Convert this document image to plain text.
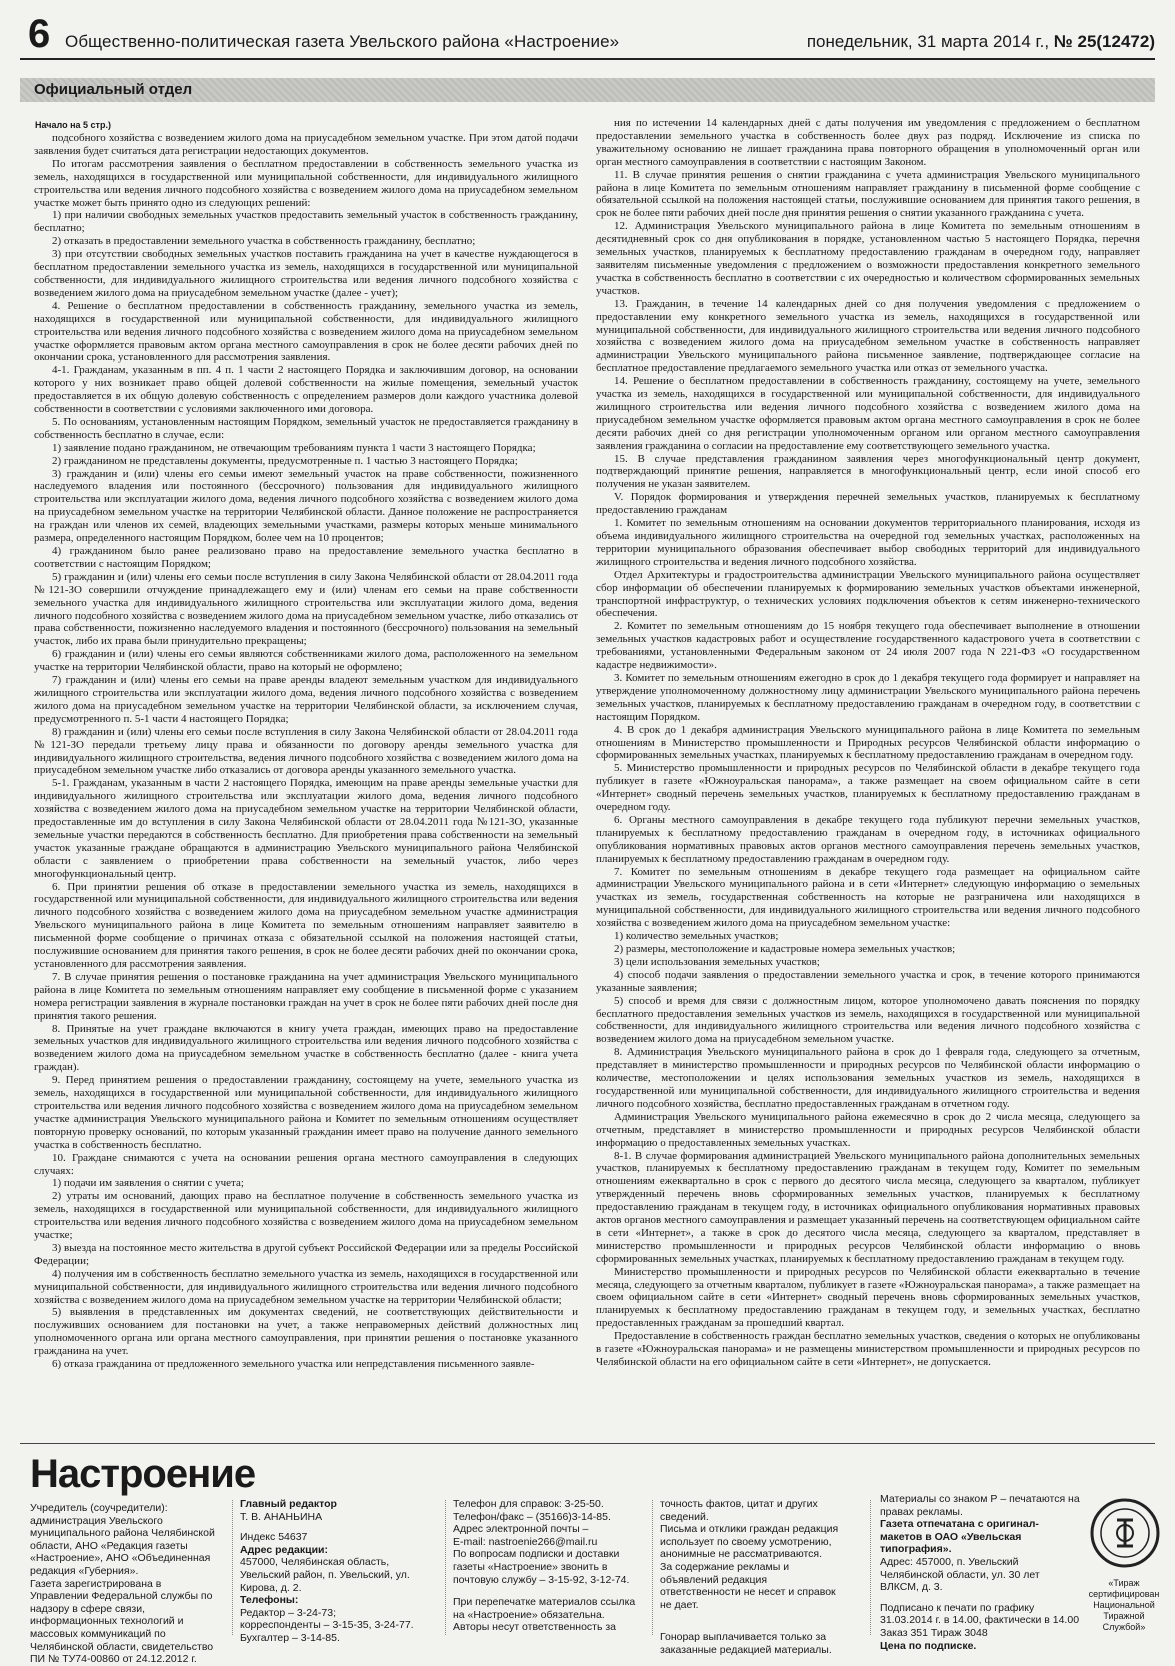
6 Общественно-политическая газета Увельского района «Настроение»	понедельник, 31 марта 2014 г., № 25(12472)
Официальный отдел
Начало на 5 стр.)

подсобного хозяйства с возведением жилого дома на приусадебном земельном участке. При этом датой подачи заявления будет считаться дата регистрации недостающих документов.

По итогам рассмотрения заявления о бесплатном предоставлении в собственность земельного участка из земель, находящихся в государственной или муниципальной собственности, для индивидуального жилищного строительства или ведения личного подсобного хозяйства с возведением жилого дома на приусадебном земельном участке может быть принято одно из следующих решений:

1) при наличии свободных земельных участков предоставить земельный участок в собственность гражданину, бесплатно;

2) отказать в предоставлении земельного участка в собственность гражданину, бесплатно;

3) при отсутствии свободных земельных участков поставить гражданина на учет в качестве нуждающегося в бесплатном предоставлении земельного участка из земель, находящихся в государственной или муниципальной собственности, для индивидуального жилищного строительства или ведения личного подсобного хозяйства с возведением жилого дома на приусадебном земельном участке (далее - учет);

4. Решение о бесплатном предоставлении в собственность гражданину, земельного участка из земель, находящихся в государственной или муниципальной собственности, для индивидуального жилищного строительства или ведения личного подсобного хозяйства с возведением жилого дома на приусадебном земельном участке оформляется правовым актом органа местного самоуправления в срок не более десяти рабочих дней по окончании срока, установленного для рассмотрения заявления.

4-1. Гражданам, указанным в пп. 4 п. 1 части 2 настоящего Порядка и заключившим договор, на основании которого у них возникает право общей долевой собственности на жилые помещения, земельный участок предоставляется в их общую долевую собственность с определением размеров доли каждого участника долевой собственности в соответствии с условиями заключенного ими договора.

5. По основаниям, установленным настоящим Порядком, земельный участок не предоставляется гражданину в собственность бесплатно в случае, если:

1) заявление подано гражданином, не отвечающим требованиям пункта 1 части 3 настоящего Порядка;

2) гражданином не представлены документы, предусмотренные п. 1 частью 3 настоящего Порядка;

3) гражданин и (или) члены его семьи имеют земельный участок на праве собственности, пожизненного наследуемого владения или постоянного (бессрочного) пользования для индивидуального жилищного строительства или эксплуатации жилого дома, ведения личного подсобного хозяйства с возведением жилого дома на приусадебном земельном участке на территории Челябинской области. Данное положение не распространяется на граждан или членов их семей, владеющих земельными участками, размеры которых меньше минимального размера, определенного настоящим Порядком, более чем на 10 процентов;

4) гражданином было ранее реализовано право на предоставление земельного участка бесплатно в соответствии с настоящим Порядком;

5) гражданин и (или) члены его семьи после вступления в силу Закона Челябинской области от 28.04.2011 года №121-ЗО совершили отчуждение принадлежащего ему и (или) членам его семьи на праве собственности земельного участка для индивидуального жилищного строительства или эксплуатации жилого дома, ведения личного подсобного хозяйства с возведением жилого дома на приусадебном земельном участке, либо отказались от права собственности, пожизненно наследуемого владения и постоянного (бессрочного) пользования на земельный участок, либо их права были принудительно прекращены;

6) гражданин и (или) члены его семьи являются собственниками жилого дома, расположенного на земельном участке на территории Челябинской области, право на который не оформлено;

7) гражданин и (или) члены его семьи на праве аренды владеют земельным участком для индивидуального жилищного строительства или эксплуатации жилого дома, ведения личного подсобного хозяйства с возведением жилого дома на приусадебном земельном участке на территории Челябинской области, за исключением случая, предусмотренного п. 5-1 части 4 настоящего Порядка;

8) гражданин и (или) члены его семьи после вступления в силу Закона Челябинской области от 28.04.2011 года №121-ЗО передали третьему лицу права и обязанности по договору аренды земельного участка для индивидуального жилищного строительства, ведения личного подсобного хозяйства с возведением жилого дома на приусадебном земельном участке либо отказались от договора аренды указанного земельного участка.

5-1. Гражданам, указанным в части 2 настоящего Порядка, имеющим на праве аренды земельные участки для индивидуального жилищного строительства или эксплуатации жилого дома, ведения личного подсобного хозяйства с возведением жилого дома на приусадебном земельном участке на территории Челябинской области, предоставленные им до вступления в силу Закона Челябинской области от 28.04.2011 года №121-ЗО, указанные земельные участки передаются в собственность бесплатно. Для приобретения права собственности на земельный участок указанные граждане обращаются в администрацию Увельского муниципального района Челябинской области с заявлением о приобретении права собственности на земельный участок, либо через многофункциональный центр.

6. При принятии решения об отказе в предоставлении земельного участка из земель, находящихся в государственной или муниципальной собственности, для индивидуального жилищного строительства или ведения личного подсобного хозяйства с возведением жилого дома на приусадебном земельном участке администрация Увельского муниципального района в лице Комитета по земельным отношениям направляет заявителю в письменной форме сообщение о причинах отказа с обязательной ссылкой на положения настоящей статьи, послужившие основанием для принятия такого решения, в срок не более десяти рабочих дней по окончании срока, установленного для рассмотрения заявления.

7. В случае принятия решения о постановке гражданина на учет администрация Увельского муниципального района в лице Комитета по земельным отношениям направляет ему сообщение в письменной форме с указанием номера регистрации заявления в журнале постановки граждан на учет в срок не более пяти рабочих дней после дня принятия такого решения.

8. Принятые на учет граждане включаются в книгу учета граждан, имеющих право на предоставление земельных участков для индивидуального жилищного строительства или ведения личного подсобного хозяйства с возведением жилого дома на приусадебном земельном участке в собственность бесплатно (далее - книга учета граждан).

9. Перед принятием решения о предоставлении гражданину, состоящему на учете, земельного участка из земель, находящихся в государственной или муниципальной собственности, для индивидуального жилищного строительства или ведения личного подсобного хозяйства с возведением жилого дома на приусадебном земельном участке администрация Увельского муниципального района и Комитет по земельным отношениям осуществляет повторную проверку оснований, по которым указанный гражданин имеет право на получение данного земельного участка в собственность бесплатно.

10. Граждане снимаются с учета на основании решения органа местного самоуправления в следующих случаях:

1) подачи им заявления о снятии с учета;

2) утраты им оснований, дающих право на бесплатное получение в собственность земельного участка из земель, находящихся в государственной или муниципальной собственности, для индивидуального жилищного строительства или ведения личного подсобного хозяйства с возведением жилого дома на приусадебном земельном участке;

3) выезда на постоянное место жительства в другой субъект Российской Федерации или за пределы Российской Федерации;

4) получения им в собственность бесплатно земельного участка из земель, находящихся в государственной или муниципальной собственности, для индивидуального жилищного строительства или ведения личного подсобного хозяйства с возведением жилого дома на приусадебном земельном участке на территории Челябинской области;

5) выявления в представленных им документах сведений, не соответствующих действительности и послуживших основанием для постановки на учет, а также неправомерных действий должностных лиц уполномоченного органа или органа местного самоуправления, при принятии решения о постановке указанного гражданина на учет.

6) отказа гражданина от предложенного земельного участка или непредставления письменного заявле-

ния по истечении 14 календарных дней с даты получения им уведомления с предложением о бесплатном предоставлении земельного участка в собственность более двух раз подряд. Исключение из списка по уважительному основанию не лишает гражданина права повторного обращения в уполномоченный орган или орган местного самоуправления в соответствии с настоящим Законом.

11. В случае принятия решения о снятии гражданина с учета администрация Увельского муниципального района в лице Комитета по земельным отношениям направляет гражданину в письменной форме сообщение с обязательной ссылкой на положения настоящей статьи, послужившие основанием для принятия такого решения, в срок не более пяти рабочих дней после дня принятия решения о снятии указанного гражданина с учета.

12. Администрация Увельского муниципального района в лице Комитета по земельным отношениям в десятидневный срок со дня опубликования в порядке, установленном частью 5 настоящего Порядка, перечня земельных участков, планируемых к бесплатному предоставлению гражданам в очередном году, направляет заявителям письменные уведомления с предложением о возможности предоставления конкретного земельного участка в собственность бесплатно в соответствии с их очередностью и количеством сформированных земельных участков.

13. Гражданин, в течение 14 календарных дней со дня получения уведомления с предложением о предоставлении ему конкретного земельного участка из земель, находящихся в государственной или муниципальной собственности, для индивидуального жилищного строительства или ведения личного подсобного хозяйства с возведением жилого дома на приусадебном земельном участке в собственность направляет администрации Увельского муниципального района письменное заявление, подтверждающее согласие на бесплатное предоставление предлагаемого земельного участка или отказ от земельного участка.

14. Решение о бесплатном предоставлении в собственность гражданину, состоящему на учете, земельного участка из земель, находящихся в государственной или муниципальной собственности, для индивидуального жилищного строительства или ведения личного подсобного хозяйства с возведением жилого дома на приусадебном земельном участке оформляется правовым актом органа местного самоуправления в срок не более десяти рабочих дней со дня регистрации уполномоченным органом или органом местного самоуправления заявления гражданина о согласии на предоставление ему соответствующего земельного участка.

15. В случае представления гражданином заявления через многофункциональный центр документ, подтверждающий принятие решения, направляется в многофункциональный центр, если иной способ его получения не указан заявителем.

V. Порядок формирования и утверждения перечней земельных участков, планируемых к бесплатному предоставлению гражданам

1. Комитет по земельным отношениям на основании документов территориального планирования, исходя из объема индивидуального жилищного строительства на очередной год земельных участках, расположенных на территории муниципального образования обеспечивает выбор свободных территорий для индивидуального жилищного строительства и ведения личного подсобного хозяйства.

Отдел Архитектуры и градостроительства администрации Увельского муниципального района осуществляет сбор информации об обеспечении планируемых к формированию земельных участков объектами инженерной, транспортной инфраструктур, о технических условиях подключения объектов к сетям инженерно-технического обеспечения.

2. Комитет по земельным отношениям до 15 ноября текущего года обеспечивает выполнение в отношении земельных участков кадастровых работ и осуществление государственного кадастрового учета в соответствии с требованиями, установленными Федеральным законом от 24 июля 2007 года N 221-ФЗ «О государственном кадастре недвижимости».

3. Комитет по земельным отношениям ежегодно в срок до 1 декабря текущего года формирует и направляет на утверждение уполномоченному должностному лицу администрации Увельского муниципального района перечень земельных участков, планируемых к бесплатному предоставлению гражданам в очередном году, в соответствии с настоящим Порядком.

4. В срок до 1 декабря администрация Увельского муниципального района в лице Комитета по земельным отношениям в Министерство промышленности и Природных ресурсов Челябинской области информацию о сформированных земельных участках, планируемых к бесплатному предоставлению гражданам в очередном году.

5. Министерство промышленности и природных ресурсов по Челябинской области в декабре текущего года публикует в газете «Южноуральская панорама», а также размещает на своем официальном сайте в сети «Интернет» сводный перечень земельных участков, планируемых к бесплатному предоставлению гражданам в очередном году.

6. Органы местного самоуправления в декабре текущего года публикуют перечни земельных участков, планируемых к бесплатному предоставлению гражданам в очередном году, в источниках официального опубликования нормативных правовых актов органов местного самоуправления перечень земельных участков, планируемых к бесплатному предоставлению гражданам в очередном году.

7. Комитет по земельным отношениям в декабре текущего года размещает на официальном сайте администрации Увельского муниципального района и в сети «Интернет» следующую информацию о земельных участках из земель, государственная собственность на которые не разграничена или находящихся в муниципальной собственности, для индивидуального жилищного строительства или ведения личного подсобного хозяйства с возведением жилого дома на приусадебном земельном участке:

1) количество земельных участков;

2) размеры, местоположение и кадастровые номера земельных участков;

3) цели использования земельных участков;

4) способ подачи заявления о предоставлении земельного участка и срок, в течение которого принимаются указанные заявления;

5) способ и время для связи с должностным лицом, которое уполномочено давать пояснения по порядку бесплатного предоставления земельных участков из земель, находящихся в государственной или муниципальной собственности, для индивидуального жилищного строительства или ведения личного подсобного хозяйства с возведением жилого дома на приусадебном земельном участке.

8. Администрация Увельского муниципального района в срок до 1 февраля года, следующего за отчетным, представляет в министерство промышленности и природных ресурсов по Челябинской области информацию о количестве, местоположении и целях использования земельных участков из земель, находящихся в государственной или муниципальной собственности, для индивидуального жилищного строительства и ведения личного подсобного хозяйства, бесплатно предоставленных гражданам в отчетном году.

Администрация Увельского муниципального района ежемесячно в срок до 2 числа месяца, следующего за отчетным, представляет в министерство промышленности и природных ресурсов Челябинской области информацию о предоставленных земельных участках.

8-1. В случае формирования администрацией Увельского муниципального района дополнительных земельных участков, планируемых к бесплатному предоставлению гражданам в текущем году, Комитет по земельным отношениям ежеквартально в срок с первого до десятого числа месяца, следующего за кварталом, публикует утвержденный перечень вновь сформированных земельных участков, планируемых к бесплатному предоставлению гражданам в текущем году, в источниках официального опубликования нормативных правовых актов органов местного самоуправления и размещает указанный перечень на соответствующем официальном сайте в сети «Интернет», а также в срок до десятого числа месяца, следующего за кварталом, представляет в министерство промышленности и природных ресурсов Челябинской области информацию о вновь сформированных земельных участках, планируемых к бесплатному предоставлению гражданам в текущем году.

Министерство промышленности и природных ресурсов по Челябинской области ежеквартально в течение месяца, следующего за отчетным кварталом, публикует в газете «Южноуральская панорама», а также размещает на своем официальном сайте в сети «Интернет» сводный перечень вновь сформированных земельных участков, планируемых к бесплатному предоставлению гражданам в текущем году, и земельных участках, бесплатно предоставленных гражданам за прошедший квартал.

Предоставление в собственность граждан бесплатно земельных участков, сведения о которых не опубликованы в газете «Южноуральская панорама» и не размещены министерством промышленности и природных ресурсов по Челябинской области на его официальном сайте в сети «Интернет», не допускается.

Настроение

Учредитель (соучредители): администрация Увельского муниципального района Челябинской области, АНО «Редакция газеты «Настроение», АНО «Объединенная редакция «Губерния».

Газета зарегистрирована в Управлении Федеральной службы по надзору в сфере связи, информационных технологий и массовых коммуникаций по Челябинской области, свидетельство ПИ № ТУ74-00860 от 24.12.2012 г.

Главный редактор

Т. В. АНАНЬИНА

Индекс 54637

Адрес редакции:

457000, Челябинская область, Увельский район, п. Увельский, ул. Кирова, д. 2.

Телефоны:

Редактор – 3-24-73;

корреспонденты – 3-15-35, 3-24-77.

Бухгалтер – 3-14-85.

Телефон для справок: 3-25-50.

Телефон/факс – (35166)3-14-85.

Адрес электронной почты –

E-mail: nastroenie266@mail.ru

По вопросам подписки и доставки газеты «Настроение» звонить в почтовую службу – 3-15-92, 3-12-74.

При перепечатке материалов ссылка на «Настроение» обязательна. Авторы несут ответственность за

точность фактов, цитат и других сведений.

Письма и отклики граждан редакция использует по своему усмотрению, анонимные не рассматриваются.

За содержание рекламы и объявлений редакция ответственности не несет и справок не дает.

Гонорар выплачивается только за заказанные редакцией материалы.

Материалы со знаком Р – печатаются на правах рекламы.

Газета отпечатана с оригинал-макетов в ОАО «Увельская типография».

Адрес: 457000, п. Увельский Челябинской области, ул. 30 лет ВЛКСМ, д. 3.

Подписано к печати по графику 31.03.2014 г. в 14.00, фактически в 14.00

Заказ 351 Тираж 3048

Цена по подписке.

«Тираж сертифицирован Национальной Тиражной Службой»
